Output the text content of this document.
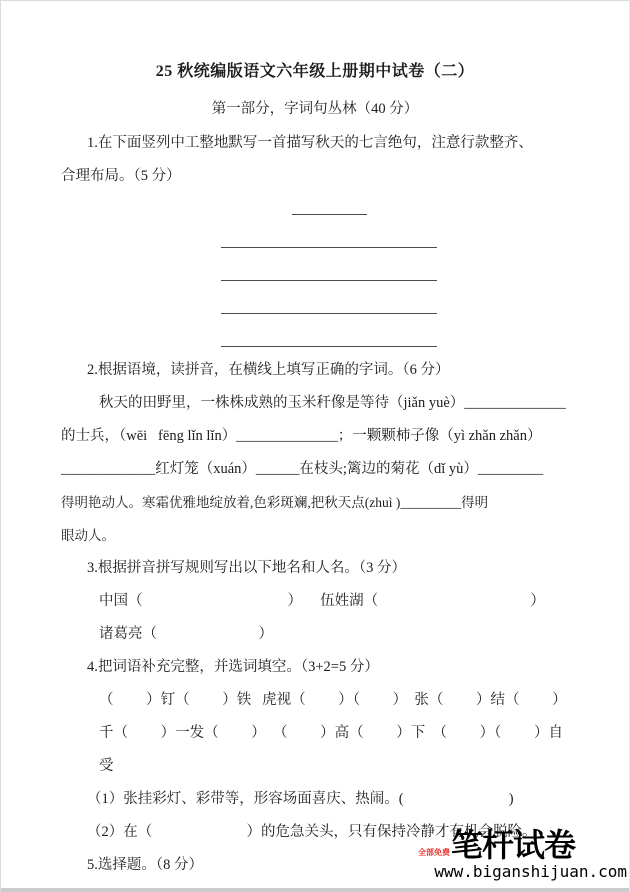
25 秋统编版语文六年级上册期中试卷（二）
第一部分，字词句丛林（40 分）
1.在下面竖列中工整地默写一首描写秋天的七言绝句，注意行款整齐、
合理布局。（5 分）
2.根据语境，读拼音，在横线上填写正确的字词。（6 分）
秋天的田野里，一株株成熟的玉米秆像是等待（jiǎn yuè）______________
的士兵，（wēi   fēng lǐn lǐn）______________；一颗颗柿子像（yì zhǎn zhǎn）
_____________红灯笼（xuán）______在枝头;篱边的菊花（dǐ yù）_________
得明艳动人。寒霜优雅地绽放着,色彩斑斓,把秋天点(zhuì )_________得明
眼动人。
3.根据拼音拼写规则写出以下地名和人名。（3 分）
中国（                                        ）     伍姓湖（                                          ）
诸葛亮（                            ）
4.把词语补充完整，并选词填空。（3+2=5 分）
（         ）钉（         ）铁   虎视（         ）（         ）  张（         ）结（         ）
千（         ）一发（         ）  （         ）高（         ）下  （         ）（         ）自受
（1）张挂彩灯、彩带等，形容场面喜庆、热闹。(                             )
（2）在（                          ）的危急关头，只有保持冷静才有机会脱险。
5.选择题。（8 分）
全部免费 笔杆试卷
www.biganshijuan.com
